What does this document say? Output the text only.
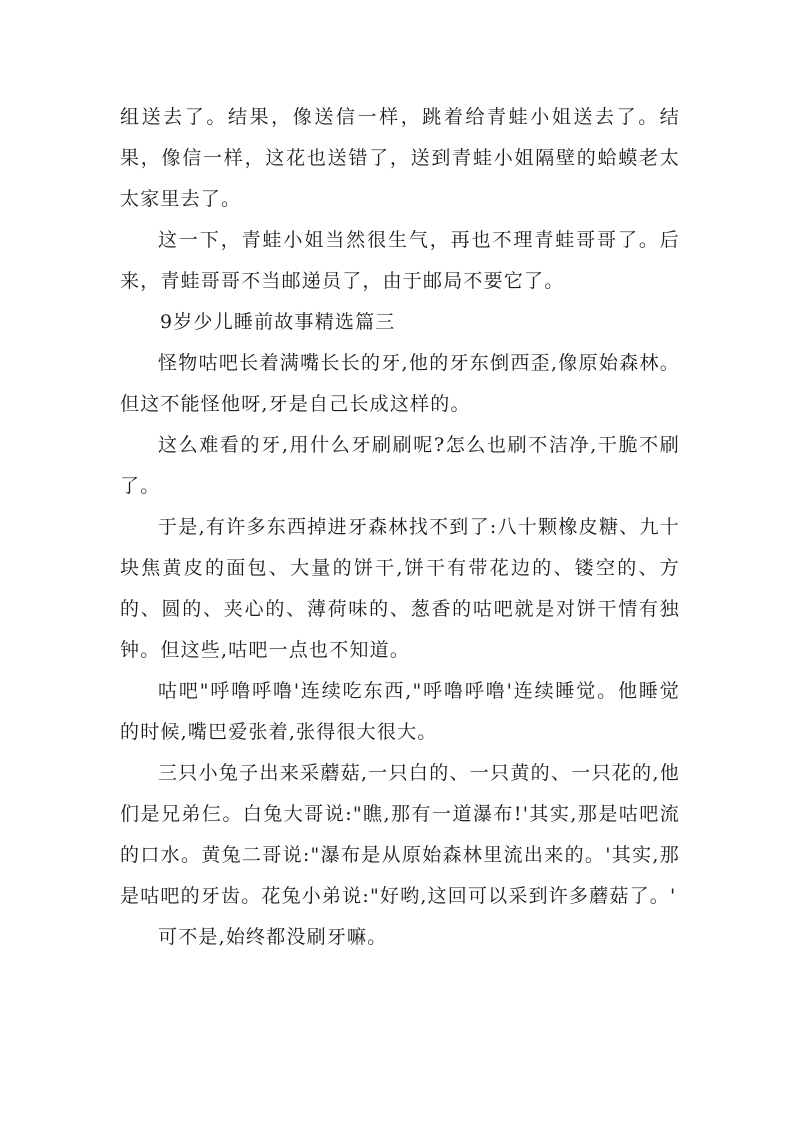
组送去了。结果，像送信一样，跳着给青蛙小姐送去了。结果，像信一样，这花也送错了，送到青蛙小姐隔壁的蛤蟆老太太家里去了。

这一下，青蛙小姐当然很生气，再也不理青蛙哥哥了。后来，青蛙哥哥不当邮递员了，由于邮局不要它了。

9岁少儿睡前故事精选篇三

怪物咕吧长着满嘴长长的牙,他的牙东倒西歪,像原始森林。但这不能怪他呀,牙是自己长成这样的。

这么难看的牙,用什么牙刷刷呢?怎么也刷不洁净,干脆不刷了。

于是,有许多东西掉进牙森林找不到了:八十颗橡皮糖、九十块焦黄皮的面包、大量的饼干,饼干有带花边的、镂空的、方的、圆的、夹心的、薄荷味的、葱香的咕吧就是对饼干情有独钟。但这些,咕吧一点也不知道。

咕吧"呼噜呼噜'连续吃东西,"呼噜呼噜'连续睡觉。他睡觉的时候,嘴巴爱张着,张得很大很大。

三只小兔子出来采蘑菇,一只白的、一只黄的、一只花的,他们是兄弟仨。白兔大哥说:"瞧,那有一道瀑布!'其实,那是咕吧流的口水。黄兔二哥说:"瀑布是从原始森林里流出来的。'其实,那是咕吧的牙齿。花兔小弟说:"好哟,这回可以采到许多蘑菇了。'

可不是,始终都没刷牙嘛。
